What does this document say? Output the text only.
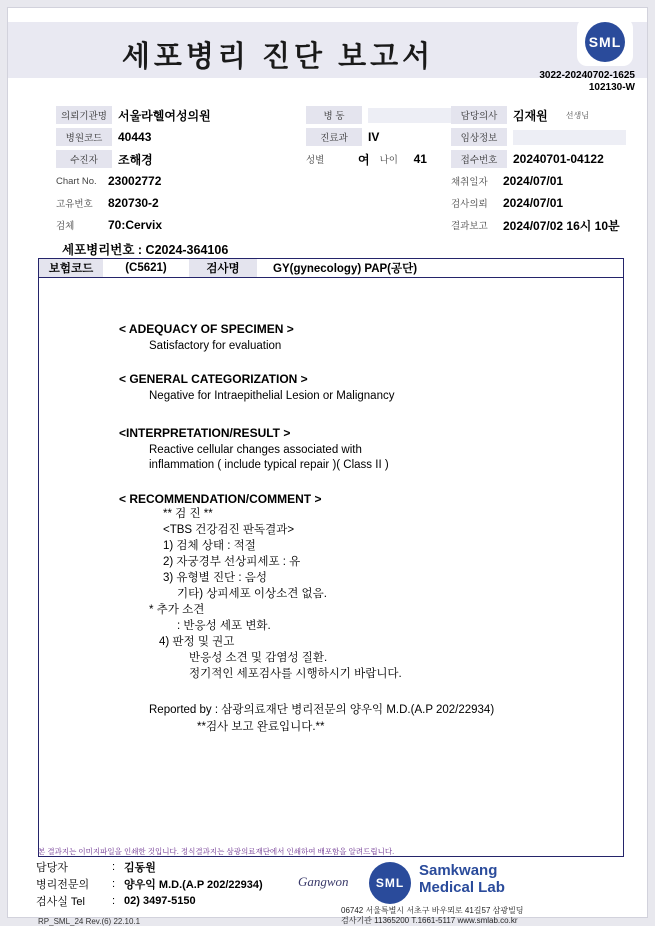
세포병리 진단 보고서	SML
3022-20240702-1625
102130-W
의뢰기관명 서울라헬여성의원	병 동	담당의사	김재원 선생님
병원코드	40443	진료과	IV	임상정보
수진자	조해경	성별	여 나이	41	접수번호	20240701-04122
Chart No. 23002772	채취일자	2024/07/01
고유번호	820730-2	검사의뢰	2024/07/01
검체	70:Cervix	결과보고	2024/07/02 16시 10분
세포병리번호 : C2024-364106
보험코드	(C5621)	검사명	GY(gynecology) PAP(공단)
< ADEQUACY OF SPECIMEN >
Satisfactory for evaluation
< GENERAL CATEGORIZATION >
Negative for Intraepithelial Lesion or Malignancy
<INTERPRETATION/RESULT >
Reactive cellular changes associated with
inflammation ( include typical repair )( Class II )
< RECOMMENDATION/COMMENT >
** 검 진 **
<TBS 건강검진 판독결과>
1) 검체 상태 : 적절
2) 자궁경부 선상피세포 : 유
3) 유형별 진단 : 음성
기타) 상피세포 이상소견 없음.
* 추가 소견
: 반응성 세포 변화.
4) 판정 및 권고
반응성 소견 및 감염성 질환.
정기적인 세포검사를 시행하시기 바랍니다.
Reported by : 삼광의료재단 병리전문의 양우익 M.D.(A.P 202/22934)
**검사 보고 완료입니다.**
본 결과지는 이미지파일을 인쇄한 것입니다. 정식결과지는 삼광의료재단에서 인쇄하여 배포함을 알려드립니다.
담당자	: 김동원
병리전문의	: 양우익 M.D.(A.P 202/22934)
검사실 Tel	: 02) 3497-5150
Gangwon	SML
Samkwang
Medical Lab
06742 서울특별시 서초구 바우뫼로 41길57 삼광빌딩
검사기관 11365200 T.1661-5117 www.smlab.co.kr
RP_SML_24 Rev.(6) 22.10.1
